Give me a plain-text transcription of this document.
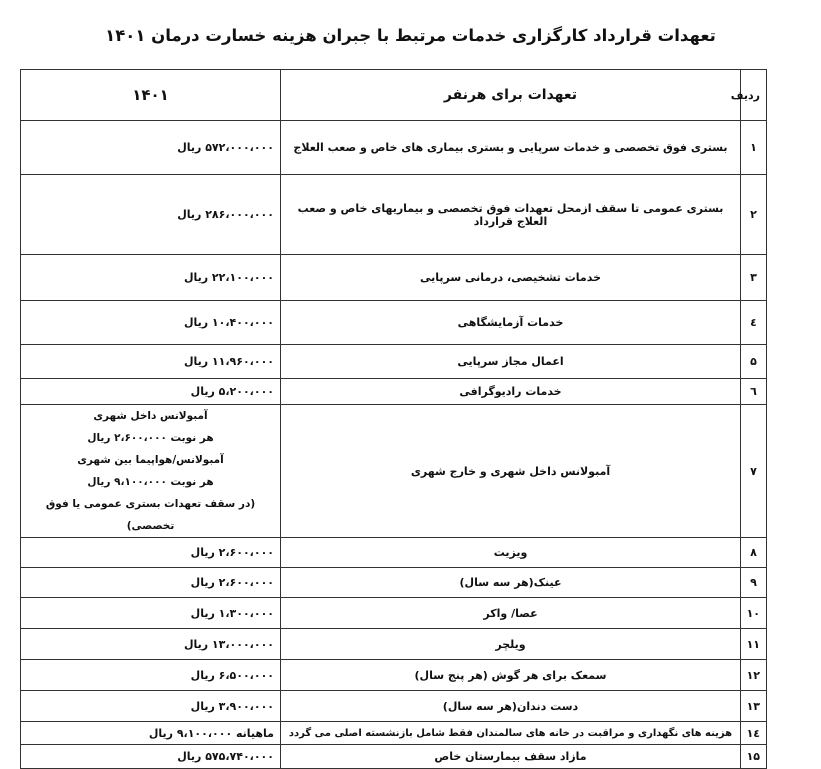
تعهدات قرارداد کارگزاری خدمات مرتبط با جبران هزینه خسارت درمان ۱۴۰۱
ردیف	تعهدات برای هرنفر	۱۴۰۱
۱	بستری فوق تخصصی و خدمات سرپایی و بستری بیماری های خاص و صعب العلاج	۵۷۲،۰۰۰،۰۰۰ ریال
۲	بستری عمومی تا سقف ازمحل تعهدات فوق تخصصی و بیماریهای خاص و صعب العلاج قرارداد	۲۸۶،۰۰۰،۰۰۰ ریال
۳	خدمات تشخیصی، درمانی سرپایی	۲۲،۱۰۰،۰۰۰ ریال
٤	خدمات آزمایشگاهی	۱۰،۴۰۰،۰۰۰ ریال
۵	اعمال مجاز سرپایی	۱۱،۹۶۰،۰۰۰ ریال
٦	خدمات رادیوگرافی	۵،۲۰۰،۰۰۰ ریال
۷	آمبولانس داخل شهری و خارج شهری	آمبولانس داخل شهری
هر نوبت ۲،۶۰۰،۰۰۰ ریال
آمبولانس/هواپیما بین شهری
هر نوبت ۹،۱۰۰،۰۰۰ ریال
(در سقف تعهدات بستری عمومی یا فوق تخصصی)

۸	ویزیت	۲،۶۰۰،۰۰۰ ریال
۹	عینک(هر سه سال)	۲،۶۰۰،۰۰۰ ریال
۱۰	عصا/ واکر	۱،۳۰۰،۰۰۰ ریال
۱۱	ویلچر	۱۳،۰۰۰،۰۰۰ ریال
۱۲	سمعک برای هر گوش (هر پنج سال)	۶،۵۰۰،۰۰۰ ریال
۱۳	دست دندان(هر سه سال)	۳،۹۰۰،۰۰۰ ریال
۱٤	هزینه های نگهداری و مراقبت در خانه های سالمندان فقط شامل بازنشسته اصلی می گردد	ماهیانه ۹،۱۰۰،۰۰۰ ریال
۱۵	مازاد سقف بیمارستان خاص	۵۷۵،۷۴۰،۰۰۰ ریال
